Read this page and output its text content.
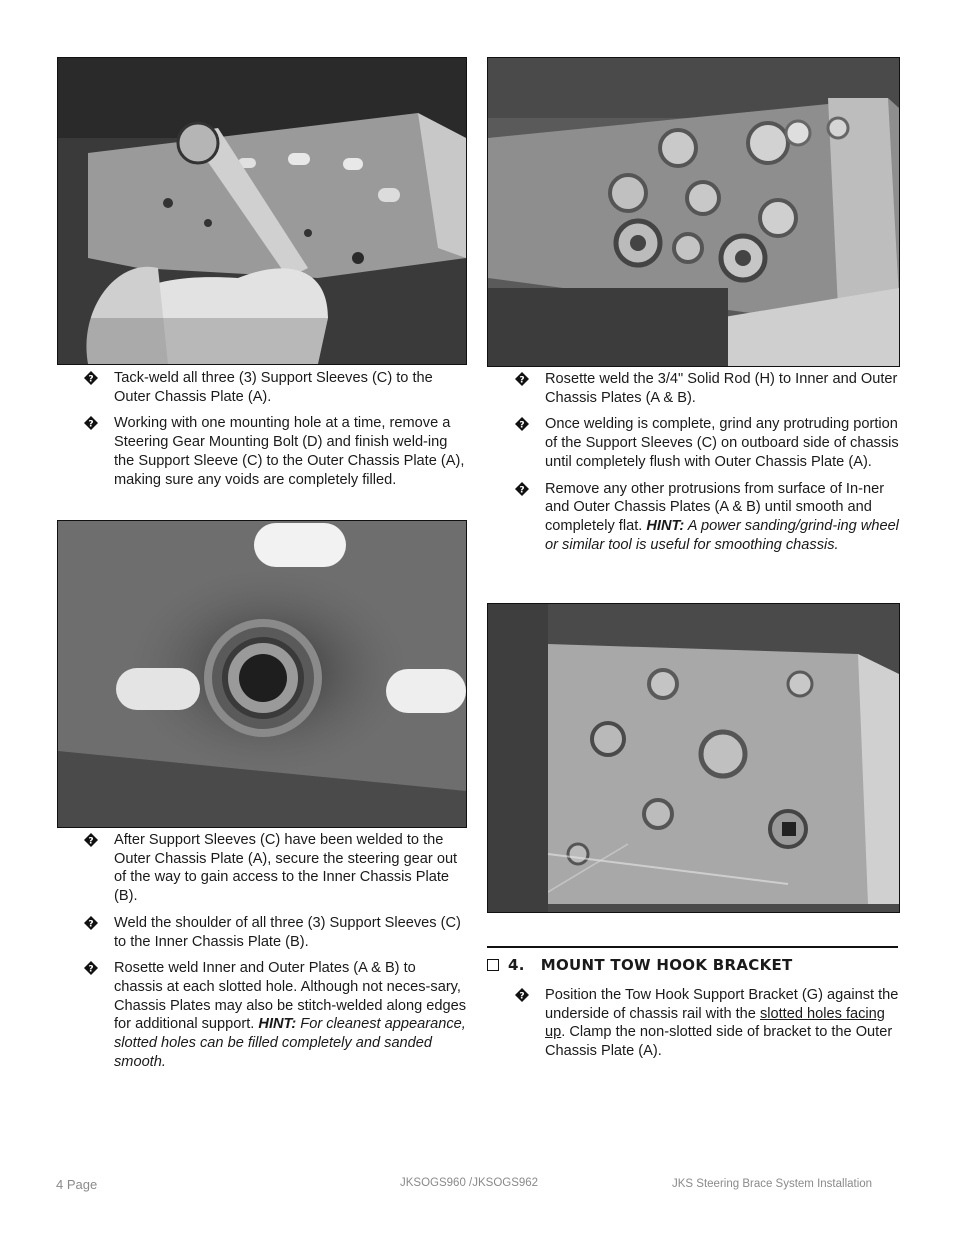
? Tack-weld all three (3) Support Sleeves (C) to the Outer Chassis Plate (A).
? Working with one mounting hole at a time, remove a Steering Gear Mounting Bolt (D) and finish weld-ing the Support Sleeve (C) to the Outer Chassis Plate (A), making sure any voids are completely filled.
? After Support Sleeves (C) have been welded to the Outer Chassis Plate (A), secure the steering gear out of the way to gain access to the Inner Chassis Plate (B).
? Weld the shoulder of all three (3) Support Sleeves (C) to the Inner Chassis Plate (B).
? Rosette weld Inner and Outer Plates (A & B) to chassis at each slotted hole. Although not neces-sary, Chassis Plates may also be stitch-welded along edges for additional support. HINT: For cleanest appearance, slotted holes can be filled completely and sanded smooth.
? Rosette weld the 3/4" Solid Rod (H) to Inner and Outer Chassis Plates (A & B).
? Once welding is complete, grind any protruding portion of the Support Sleeves (C) on outboard side of chassis until completely flush with Outer Chassis Plate (A).
? Remove any other protrusions from surface of In-ner and Outer Chassis Plates (A & B) until smooth and completely flat. HINT: A power sanding/grind-ing wheel or similar tool is useful for smoothing chassis.
4. MOUNT TOW HOOK BRACKET
? Position the Tow Hook Support Bracket (G) against the underside of chassis rail with the slotted holes facing up. Clamp the non-slotted side of bracket to the Outer Chassis Plate (A).
4 Page	JKSOGS960 /JKSOGS962	JKS Steering Brace System Installation
